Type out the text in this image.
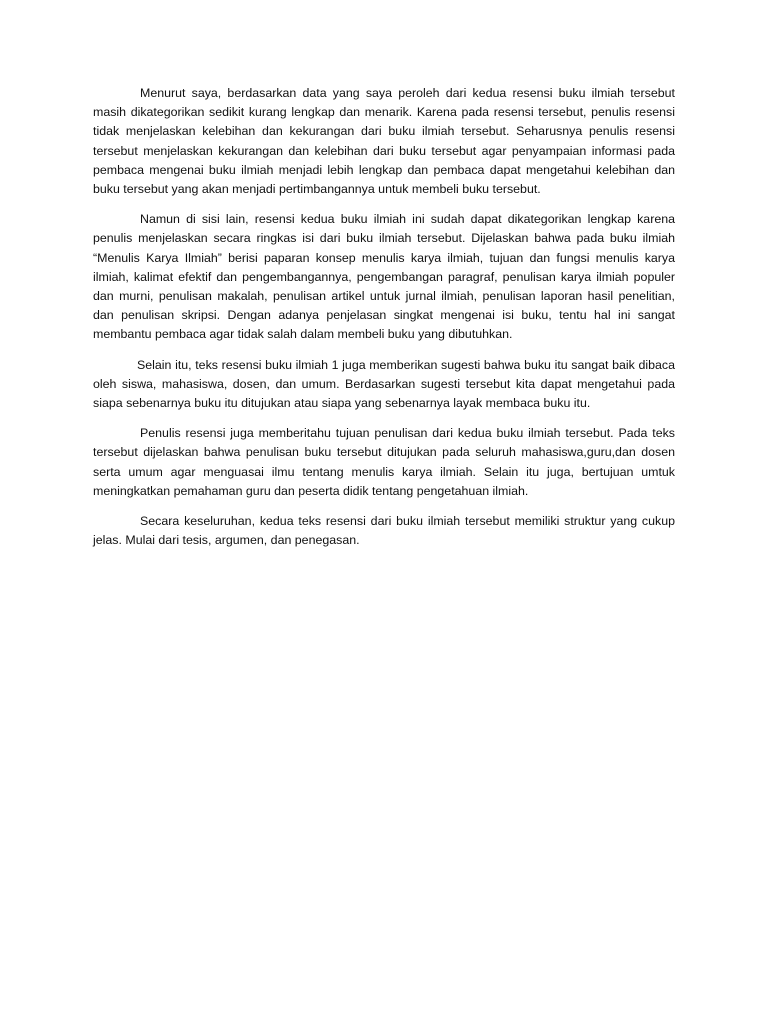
Menurut saya, berdasarkan data yang saya peroleh dari kedua resensi buku ilmiah tersebut masih dikategorikan sedikit kurang lengkap dan menarik. Karena pada resensi tersebut, penulis resensi tidak menjelaskan kelebihan dan kekurangan dari buku ilmiah tersebut. Seharusnya penulis resensi tersebut menjelaskan kekurangan dan kelebihan dari buku tersebut agar penyampaian informasi pada pembaca mengenai buku ilmiah menjadi lebih lengkap dan pembaca dapat mengetahui kelebihan dan buku tersebut yang akan menjadi pertimbangannya untuk membeli buku tersebut.

Namun di sisi lain, resensi kedua buku ilmiah ini sudah dapat dikategorikan lengkap karena penulis menjelaskan secara ringkas isi dari buku ilmiah tersebut. Dijelaskan bahwa pada buku ilmiah “Menulis Karya Ilmiah” berisi paparan konsep menulis karya ilmiah, tujuan dan fungsi menulis karya ilmiah, kalimat efektif dan pengembangannya, pengembangan paragraf, penulisan karya ilmiah populer dan murni, penulisan makalah, penulisan artikel untuk jurnal ilmiah, penulisan laporan hasil penelitian, dan penulisan skripsi. Dengan adanya penjelasan singkat mengenai isi buku, tentu hal ini sangat membantu pembaca agar tidak salah dalam membeli buku yang dibutuhkan.

Selain itu, teks resensi buku ilmiah 1 juga memberikan sugesti bahwa buku itu sangat baik dibaca oleh siswa, mahasiswa, dosen, dan umum. Berdasarkan sugesti tersebut kita dapat mengetahui pada siapa sebenarnya buku itu ditujukan atau siapa yang sebenarnya layak membaca buku itu.

Penulis resensi juga memberitahu tujuan penulisan dari kedua buku ilmiah tersebut. Pada teks tersebut dijelaskan bahwa penulisan buku tersebut ditujukan pada seluruh mahasiswa,guru,dan dosen serta umum agar menguasai ilmu tentang menulis karya ilmiah. Selain itu juga, bertujuan umtuk meningkatkan pemahaman guru dan peserta didik tentang pengetahuan ilmiah.

Secara keseluruhan, kedua teks resensi dari buku ilmiah tersebut memiliki struktur yang cukup jelas. Mulai dari tesis, argumen, dan penegasan.
